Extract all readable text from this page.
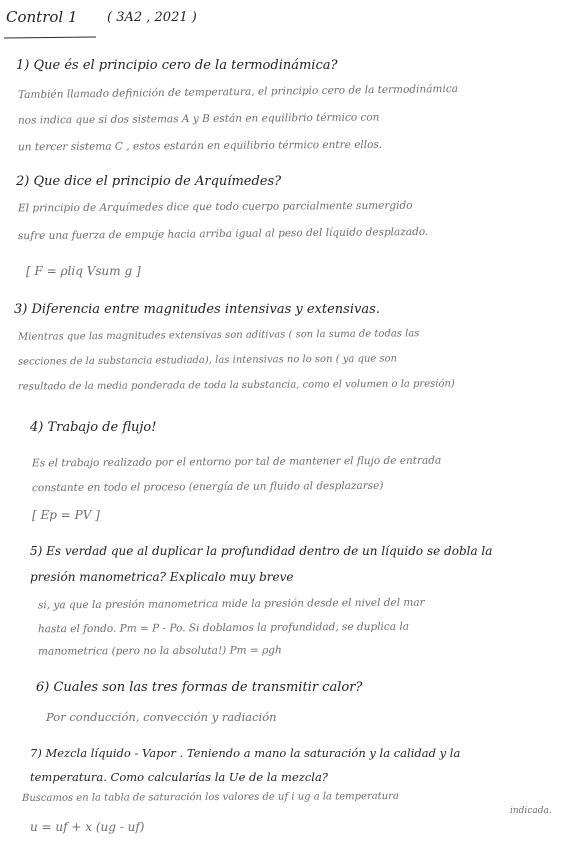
Control 1 ( 3A2 , 2021 )
1) Que és el principio cero de la termodinámica?
También llamado definición de temperatura, el principio cero de la termodinámica
nos indica que si dos sistemas A y B están en equilibrio térmico con
un tercer sistema C , estos estarán en equilibrio térmico entre ellos.
2) Que dice el principio de Arquímedes?
El principio de Arquímedes dice que todo cuerpo parcialmente sumergido
sufre una fuerza de empuje hacia arriba igual al peso del líquido desplazado.
[ F = ρliq Vsum g ]
3) Diferencia entre magnitudes intensivas y extensivas.
Mientras que las magnitudes extensivas son aditivas ( son la suma de todas las
secciones de la substancia estudiada), las intensivas no lo son ( ya que son
resultado de la media ponderada de toda la substancia, como el volumen o la presión)
4) Trabajo de flujo!
Es el trabajo realizado por el entorno por tal de mantener el flujo de entrada
constante en todo el proceso (energía de un fluido al desplazarse)
[ Ep = PV ]
5) Es verdad que al duplicar la profundidad dentro de un líquido se dobla la
presión manometrica? Explicalo muy breve
si, ya que la presión manometrica mide la presión desde el nivel del mar
hasta el fondo. Pm = P - Po. Si doblamos la profundidad, se duplica la
manometrica (pero no la absoluta!) Pm = ρgh
6) Cuales son las tres formas de transmitir calor?
Por conducción, convección y radiación
7) Mezcla líquido - Vapor . Teniendo a mano la saturación y la calidad y la
temperatura. Como calcularías la Ue de la mezcla?
Buscamos en la tabla de saturación los valores de uf i ug a la temperatura
indicada.
u = uf + x (ug - uf)
